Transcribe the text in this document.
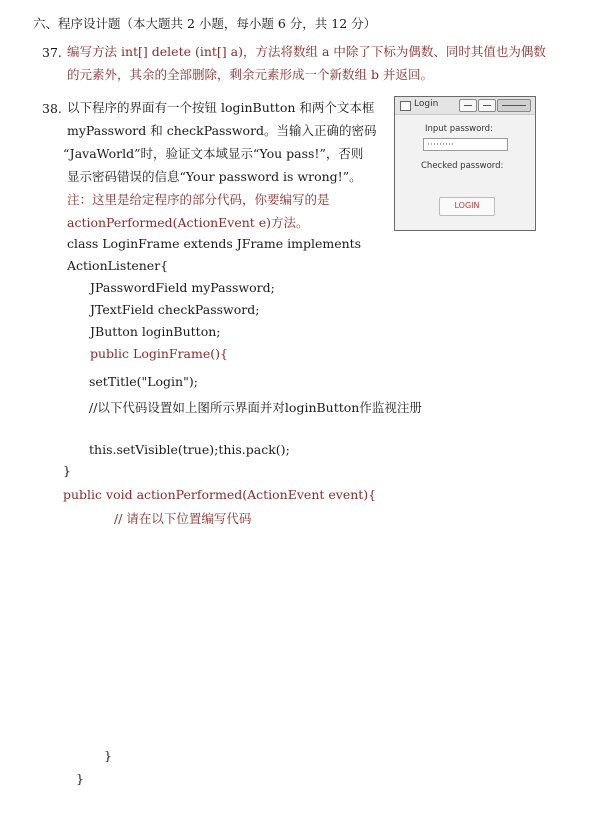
六、程序设计题（本大题共 2 小题，每小题 6 分，共 12 分）
37. 编写方法 int[] delete (int[] a)，方法将数组 a 中除了下标为偶数、同时其值也为偶数
的元素外，其余的全部删除，剩余元素形成一个新数组 b 并返回。
38. 以下程序的界面有一个按钮 loginButton 和两个文本框
myPassword 和 checkPassword。当输入正确的密码
“JavaWorld”时，验证文本域显示“You pass!”，否则
显示密码错误的信息“Your password is wrong!”。
注：这里是给定程序的部分代码，你要编写的是
actionPerformed(ActionEvent e)方法。
class LoginFrame extends JFrame implements
ActionListener{
JPasswordField myPassword;
JTextField checkPassword;
JButton loginButton;
public LoginFrame(){
setTitle("Login");
//以下代码设置如上图所示界面并对loginButton作监视注册
this.setVisible(true);this.pack();
}
public void actionPerformed(ActionEvent event){
// 请在以下位置编写代码
}
}
Login
Input password:
·········
Checked password:
LOGIN
